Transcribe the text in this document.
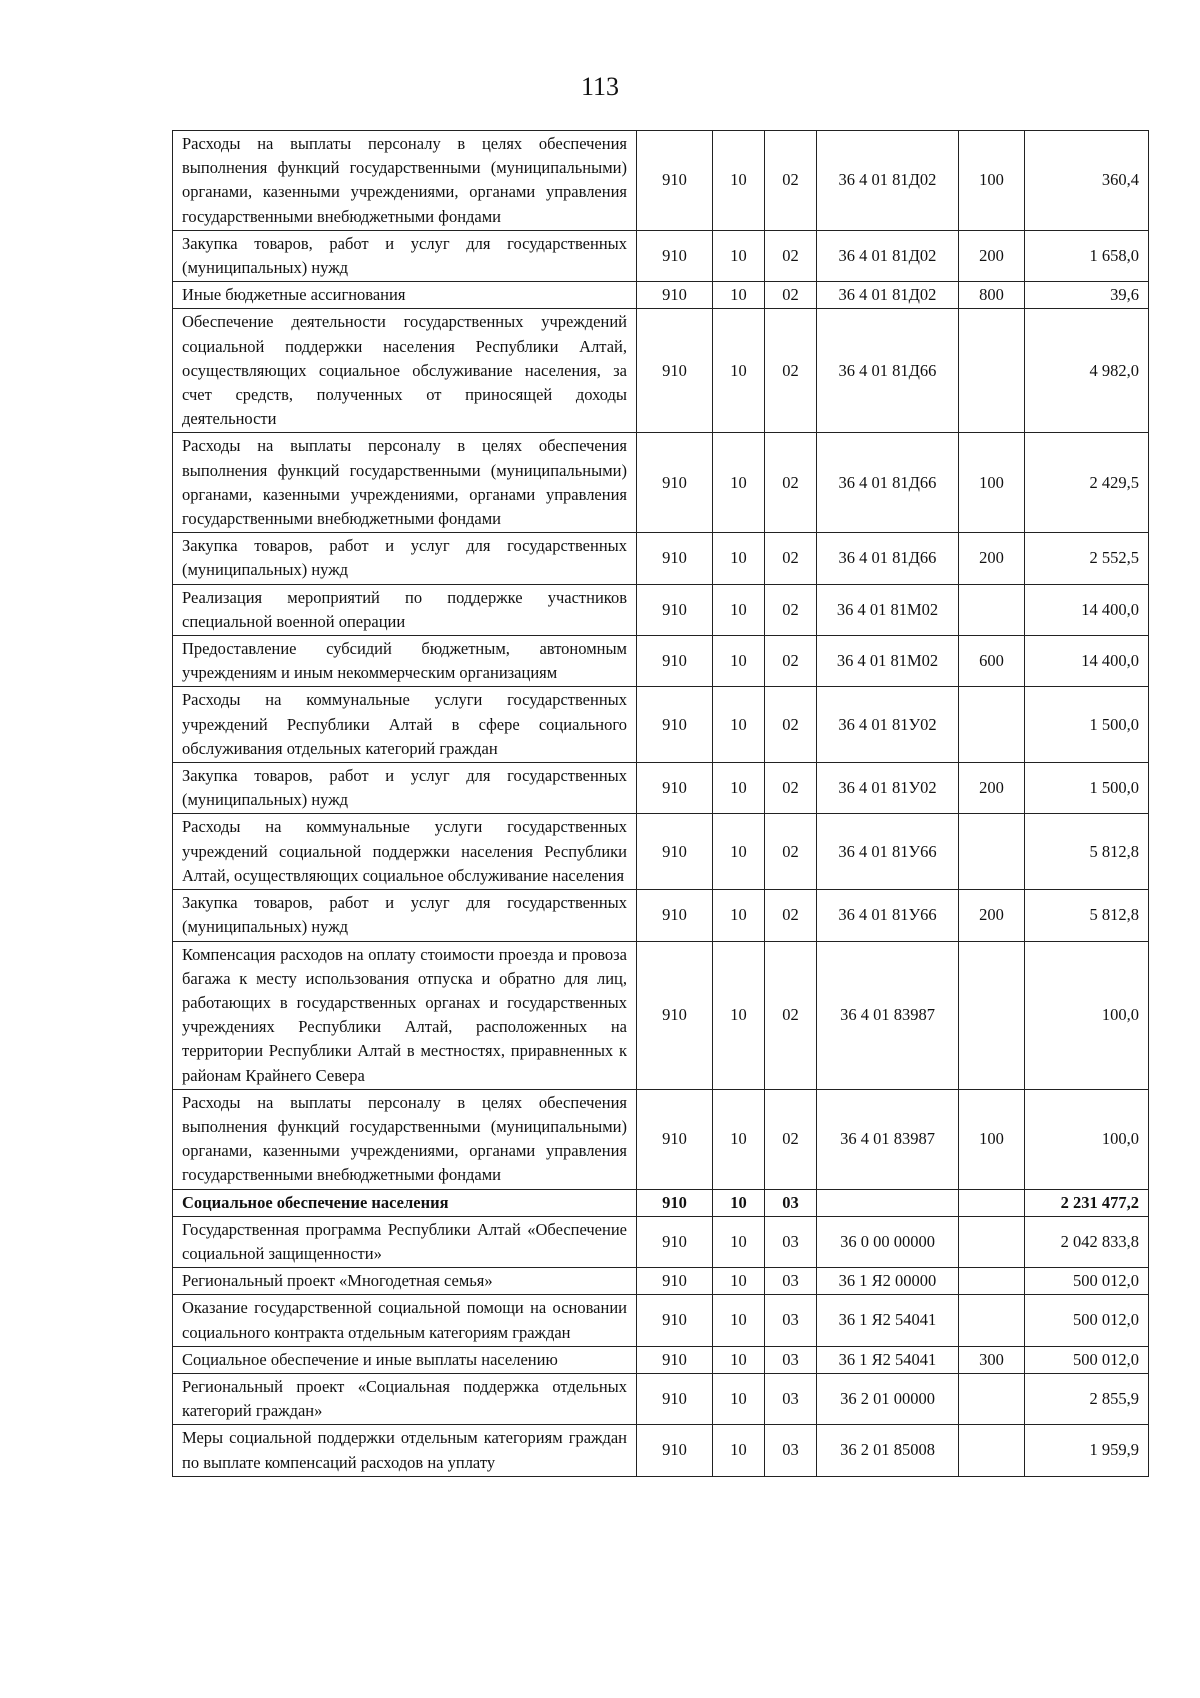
113
Расходы на выплаты персоналу в целях обеспечения выполнения функций государственными (муниципальными) органами, казенными учреждениями, органами управления государственными внебюджетными фондами	910	10	02	36 4 01 81Д02	100	360,4
Закупка товаров, работ и услуг для государственных (муниципальных) нужд	910	10	02	36 4 01 81Д02	200	1 658,0
Иные бюджетные ассигнования	910	10	02	36 4 01 81Д02	800	39,6
Обеспечение деятельности государственных учреждений социальной поддержки населения Республики Алтай, осуществляющих социальное обслуживание населения, за счет средств, полученных от приносящей доходы деятельности	910	10	02	36 4 01 81Д66		4 982,0
Расходы на выплаты персоналу в целях обеспечения выполнения функций государственными (муниципальными) органами, казенными учреждениями, органами управления государственными внебюджетными фондами	910	10	02	36 4 01 81Д66	100	2 429,5
Закупка товаров, работ и услуг для государственных (муниципальных) нужд	910	10	02	36 4 01 81Д66	200	2 552,5
Реализация мероприятий по поддержке участников специальной военной операции	910	10	02	36 4 01 81М02		14 400,0
Предоставление субсидий бюджетным, автономным учреждениям и иным некоммерческим организациям	910	10	02	36 4 01 81М02	600	14 400,0
Расходы на коммунальные услуги государственных учреждений Республики Алтай в сфере социального обслуживания отдельных категорий граждан	910	10	02	36 4 01 81У02		1 500,0
Закупка товаров, работ и услуг для государственных (муниципальных) нужд	910	10	02	36 4 01 81У02	200	1 500,0
Расходы на коммунальные услуги государственных учреждений социальной поддержки населения Республики Алтай, осуществляющих социальное обслуживание населения	910	10	02	36 4 01 81У66		5 812,8
Закупка товаров, работ и услуг для государственных (муниципальных) нужд	910	10	02	36 4 01 81У66	200	5 812,8
Компенсация расходов на оплату стоимости проезда и провоза багажа к месту использования отпуска и обратно для лиц, работающих в государственных органах и государственных учреждениях Республики Алтай, расположенных на территории Республики Алтай в местностях, приравненных к районам Крайнего Севера	910	10	02	36 4 01 83987		100,0
Расходы на выплаты персоналу в целях обеспечения выполнения функций государственными (муниципальными) органами, казенными учреждениями, органами управления государственными внебюджетными фондами	910	10	02	36 4 01 83987	100	100,0
Социальное обеспечение населения	910	10	03			2 231 477,2
Государственная программа Республики Алтай «Обеспечение социальной защищенности»	910	10	03	36 0 00 00000		2 042 833,8
Региональный проект «Многодетная семья»	910	10	03	36 1 Я2 00000		500 012,0
Оказание государственной социальной помощи на основании социального контракта отдельным категориям граждан	910	10	03	36 1 Я2 54041		500 012,0
Социальное обеспечение и иные выплаты населению	910	10	03	36 1 Я2 54041	300	500 012,0
Региональный проект «Социальная поддержка отдельных категорий граждан»	910	10	03	36 2 01 00000		2 855,9
Меры социальной поддержки отдельным категориям граждан по выплате компенсаций расходов на уплату	910	10	03	36 2 01 85008		1 959,9
